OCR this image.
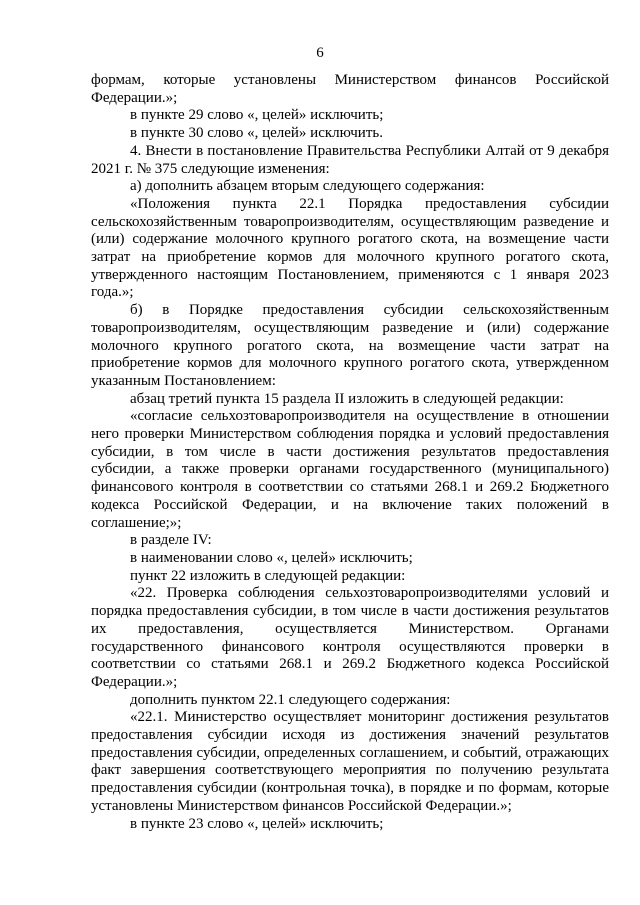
6

формам, которые установлены Министерством финансов Российской Федерации.»;

в пункте 29 слово «, целей» исключить;

в пункте 30 слово «, целей» исключить.

4. Внести в постановление Правительства Республики Алтай от 9 декабря 2021 г. № 375 следующие изменения:

а) дополнить абзацем вторым следующего содержания:

«Положения пункта 22.1 Порядка предоставления субсидии сельскохозяйственным товаропроизводителям, осуществляющим разведение и (или) содержание молочного крупного рогатого скота, на возмещение части затрат на приобретение кормов для молочного крупного рогатого скота, утвержденного настоящим Постановлением, применяются с 1 января 2023 года.»;

б) в Порядке предоставления субсидии сельскохозяйственным товаропроизводителям, осуществляющим разведение и (или) содержание молочного крупного рогатого скота, на возмещение части затрат на приобретение кормов для молочного крупного рогатого скота, утвержденном указанным Постановлением:

абзац третий пункта 15 раздела II изложить в следующей редакции:

«согласие сельхозтоваропроизводителя на осуществление в отношении него проверки Министерством соблюдения порядка и условий предоставления субсидии, в том числе в части достижения результатов предоставления субсидии, а также проверки органами государственного (муниципального) финансового контроля в соответствии со статьями 268.1 и 269.2 Бюджетного кодекса Российской Федерации, и на включение таких положений в соглашение;»;

в разделе IV:

в наименовании слово «, целей» исключить;

пункт 22 изложить в следующей редакции:

«22. Проверка соблюдения сельхозтоваропроизводителями условий и порядка предоставления субсидии, в том числе в части достижения результатов их предоставления, осуществляется Министерством. Органами государственного финансового контроля осуществляются проверки в соответствии со статьями 268.1 и 269.2 Бюджетного кодекса Российской Федерации.»;

дополнить пунктом 22.1 следующего содержания:

«22.1. Министерство осуществляет мониторинг достижения результатов предоставления субсидии исходя из достижения значений результатов предоставления субсидии, определенных соглашением, и событий, отражающих факт завершения соответствующего мероприятия по получению результата предоставления субсидии (контрольная точка), в порядке и по формам, которые установлены Министерством финансов Российской Федерации.»;

в пункте 23 слово «, целей» исключить;
